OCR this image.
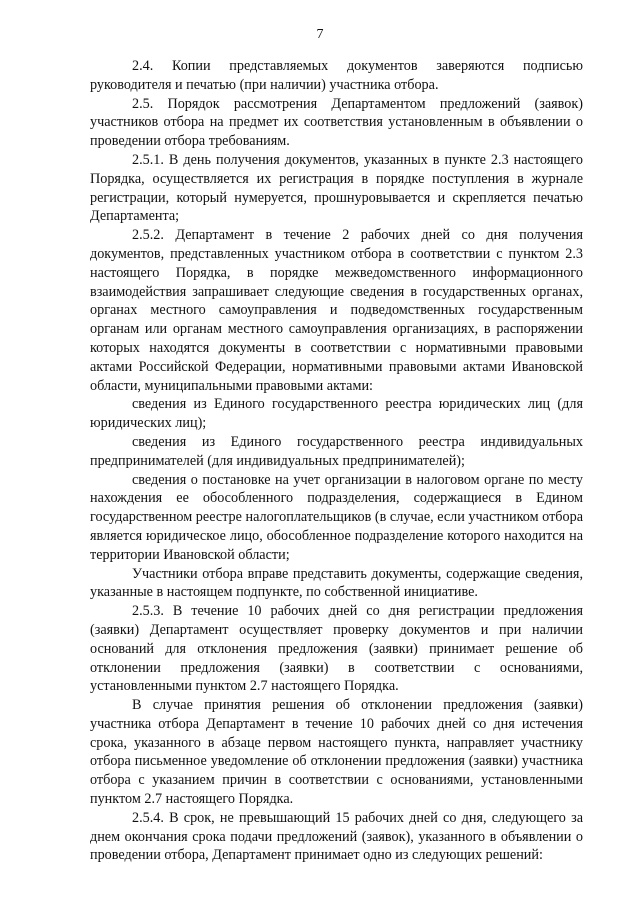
7

2.4. Копии представляемых документов заверяются подписью руководителя и печатью (при наличии) участника отбора.

2.5. Порядок рассмотрения Департаментом предложений (заявок) участников отбора на предмет их соответствия установленным в объявлении о проведении отбора требованиям.

2.5.1. В день получения документов, указанных в пункте 2.3 настоящего Порядка, осуществляется их регистрация в порядке поступления в журнале регистрации, который нумеруется, прошнуровывается и скрепляется печатью Департамента;

2.5.2. Департамент в течение 2 рабочих дней со дня получения документов, представленных участником отбора в соответствии с пунктом 2.3 настоящего Порядка, в порядке межведомственного информационного взаимодействия запрашивает следующие сведения в государственных органах, органах местного самоуправления и подведомственных государственным органам или органам местного самоуправления организациях, в распоряжении которых находятся документы в соответствии с нормативными правовыми актами Российской Федерации, нормативными правовыми актами Ивановской области, муниципальными правовыми актами:

сведения из Единого государственного реестра юридических лиц (для юридических лиц);

сведения из Единого государственного реестра индивидуальных предпринимателей (для индивидуальных предпринимателей);

сведения о постановке на учет организации в налоговом органе по месту нахождения ее обособленного подразделения, содержащиеся в Едином государственном реестре налогоплательщиков (в случае, если участником отбора является юридическое лицо, обособленное подразделение которого находится на территории Ивановской области;

Участники отбора вправе представить документы, содержащие сведения, указанные в настоящем подпункте, по собственной инициативе.

2.5.3. В течение 10 рабочих дней со дня регистрации предложения (заявки) Департамент осуществляет проверку документов и при наличии оснований для отклонения предложения (заявки) принимает решение об отклонении предложения (заявки) в соответствии с основаниями, установленными пунктом 2.7 настоящего Порядка.

В случае принятия решения об отклонении предложения (заявки) участника отбора Департамент в течение 10 рабочих дней со дня истечения срока, указанного в абзаце первом настоящего пункта, направляет участнику отбора письменное уведомление об отклонении предложения (заявки) участника отбора с указанием причин в соответствии с основаниями, установленными пунктом 2.7 настоящего Порядка.

2.5.4. В срок, не превышающий 15 рабочих дней со дня, следующего за днем окончания срока подачи предложений (заявок), указанного в объявлении о проведении отбора, Департамент принимает одно из следующих решений:
